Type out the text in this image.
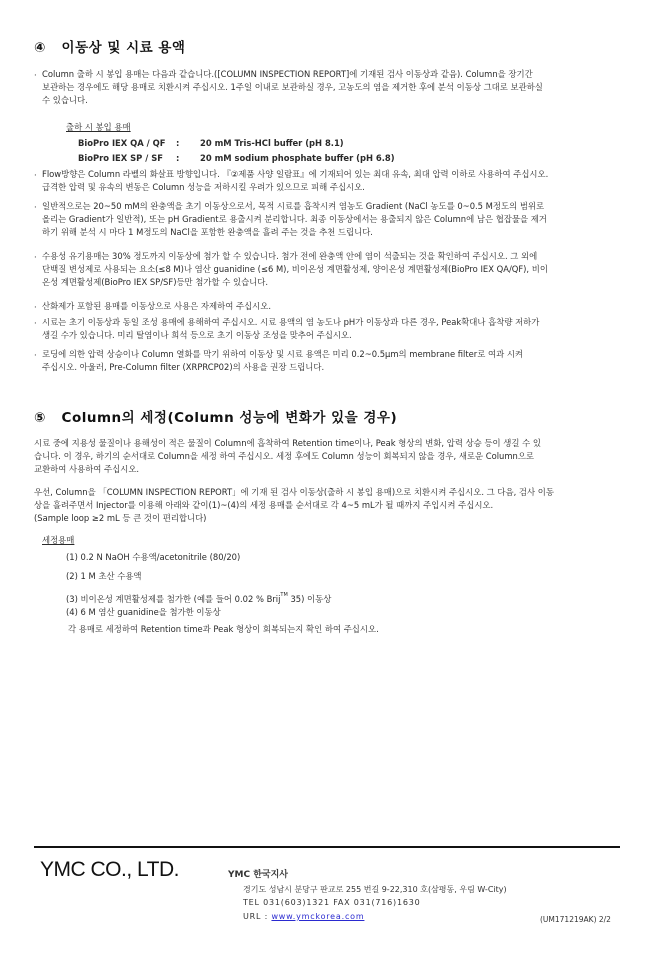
④ 이동상 및 시료 용액
· Column 출하 시 봉입 용매는 다음과 같습니다.([COLUMN INSPECTION REPORT]에 기재된 검사 이동상과 같음). Column을 장기간
보관하는 경우에도 해당 용매로 치환시켜 주십시오. 1주일 이내로 보관하실 경우, 고농도의 염을 제거한 후에 분석 이동상 그대로 보관하실
수 있습니다.
출하 시 봉입 용매
BioPro IEX QA / QF : 20 mM Tris-HCl buffer (pH 8.1)
BioPro IEX SP / SF : 20 mM sodium phosphate buffer (pH 6.8)
· Flow방향은 Column 라벨의 화살표 방향입니다. 『②제품 사양 일람표』에 기재되어 있는 최대 유속, 최대 압력 이하로 사용하여 주십시오.
급격한 압력 및 유속의 변동은 Column 성능을 저하시킬 우려가 있으므로 피해 주십시오.
· 일반적으로는 20~50 mM의 완충액을 초기 이동상으로서, 목적 시료를 흡착시켜 염농도 Gradient (NaCl 농도를 0~0.5 M정도의 범위로
올리는 Gradient가 일반적), 또는 pH Gradient로 용출시켜 분리합니다. 최종 이동상에서는 용출되지 않은 Column에 남은 협잡물을 제거
하기 위해 분석 시 마다 1 M정도의 NaCl을 포함한 완충액을 흘려 주는 것을 추천 드립니다.
· 수용성 유기용매는 30% 정도까지 이동상에 첨가 할 수 있습니다. 첨가 전에 완충액 안에 염이 석출되는 것을 확인하여 주십시오. 그 외에
단백질 변성제로 사용되는 요소(≤8 M)나 염산 guanidine (≤6 M), 비이온성 계면활성제, 양이온성 계면활성제(BioPro IEX QA/QF), 비이
온성 계면활성제(BioPro IEX SP/SF)등만 첨가할 수 있습니다.
· 산화제가 포함된 용매를 이동상으로 사용은 자제하여 주십시오.
· 시료는 초기 이동상과 동일 조성 용매에 용해하여 주십시오. 시료 용액의 염 농도나 pH가 이동상과 다른 경우, Peak확대나 흡착량 저하가
생길 수가 있습니다. 미리 탈염이나 희석 등으로 초기 이동상 조성을 맞추어 주십시오.
· 로딩에 의한 압력 상승이나 Column 열화를 막기 위하여 이동상 및 시료 용액은 미리 0.2~0.5μm의 membrane filter로 여과 시켜
주십시오. 아울러, Pre-Column filter (XRPRCP02)의 사용을 권장 드립니다.
⑤ Column의 세정(Column 성능에 변화가 있을 경우)
시료 중에 지용성 물질이나 용해성이 적은 물질이 Column에 흡착하여 Retention time이나, Peak 형상의 변화, 압력 상승 등이 생길 수 있
습니다. 이 경우, 하기의 순서대로 Column을 세정 하여 주십시오. 세정 후에도 Column 성능이 회복되지 않을 경우, 새로운 Column으로
교환하여 사용하여 주십시오.
우선, Column을 「COLUMN INSPECTION REPORT」에 기재 된 검사 이동상(출하 시 봉입 용매)으로 치환시켜 주십시오. 그 다음, 검사 이동
상을 흘려주면서 Injector를 이용해 아래와 같이(1)~(4)의 세정 용매를 순서대로 각 4~5 mL가 될 때까지 주입시켜 주십시오.
(Sample loop ≥2 mL 등 큰 것이 편리합니다)
세정용매
(1) 0.2 N NaOH 수용액/acetonitrile (80/20)
(2) 1 M 초산 수용액
(3) 비이온성 계면활성제를 첨가한 (예를 들어 0.02 % Brij™ 35) 이동상
(4) 6 M 염산 guanidine을 첨가한 이동상
각 용매로 세정하여 Retention time과 Peak 형상이 회복되는지 확인 하여 주십시오.
YMC CO., LTD.	YMC 한국지사
경기도 성남시 분당구 판교로 255 번길 9-22,310 호(삼평동, 우림 W-City)
TEL 031(603)1321 FAX 031(716)1630
URL : www.ymckorea.com	(UM171219AK) 2/2
